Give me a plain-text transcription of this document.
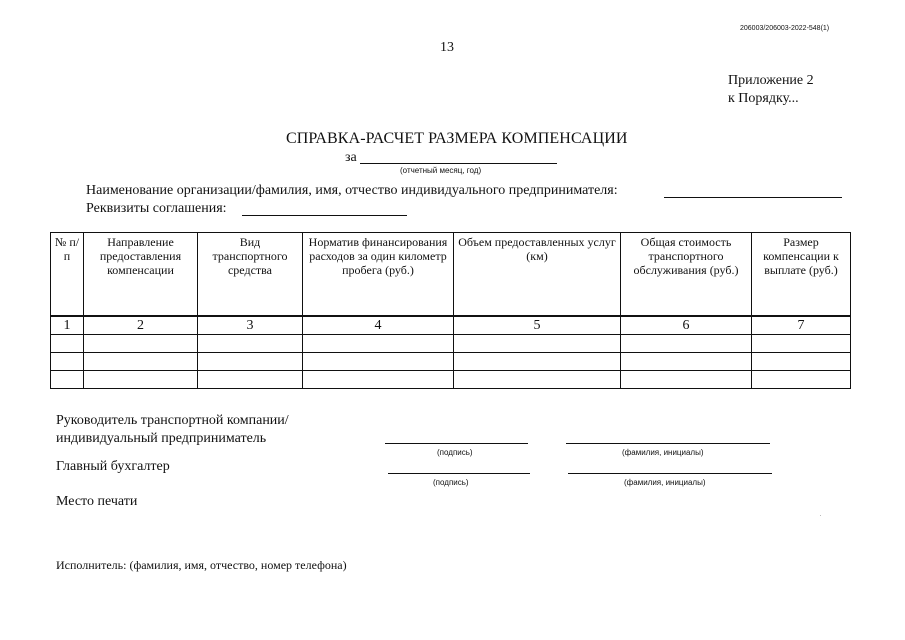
206003/206003-2022-548(1)
13
Приложение 2
к Порядку...
СПРАВКА-РАСЧЕТ РАЗМЕРА КОМПЕНСАЦИИ
за
(отчетный месяц, год)
Наименование организации/фамилия, имя, отчество индивидуального предпринимателя:
Реквизиты соглашения:
№ п/п	Направление предоставления компенсации	Вид транспортного средства	Норматив финансирования расходов за один километр пробега (руб.)	Объем предоставленных услуг (км)	Общая стоимость транспортного обслуживания (руб.)	Размер компенсации к выплате (руб.)

1	2	3	4	5	6	7

Руководитель транспортной компании/ индивидуальный предприниматель
(подпись)	(фамилия, инициалы)
Главный бухгалтер
(подпись)	(фамилия, инициалы)
Место печати
Исполнитель: (фамилия, имя, отчество, номер телефона)
